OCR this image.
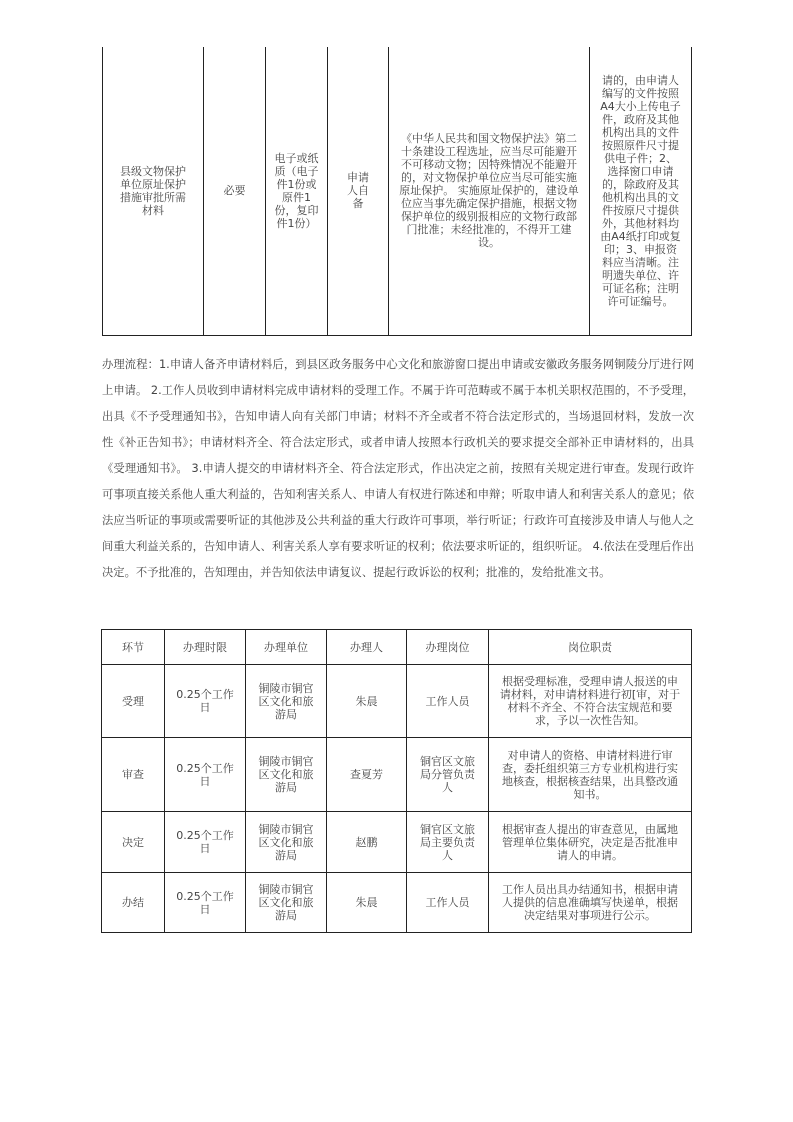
县级文物保护单位原址保护措施审批所需材料	必要	电子或纸质（电子件1份或原件1份，复印件1份）	申请人自备	《中华人民共和国文物保护法》第二十条建设工程选址，应当尽可能避开不可移动文物；因特殊情况不能避开的，对文物保护单位应当尽可能实施原址保护。 实施原址保护的，建设单位应当事先确定保护措施，根据文物保护单位的级别报相应的文物行政部门批准；未经批准的，不得开工建设。	请的，由申请人编写的文件按照A4大小上传电子件，政府及其他机构出具的文件按照原件尺寸提供电子件；2、选择窗口申请的，除政府及其他机构出具的文件按原尺寸提供外，其他材料均由A4纸打印或复印；3、申报资料应当清晰。注明遗失单位、许可证名称；注明许可证编号。
办理流程：1.申请人备齐申请材料后，到县区政务服务中心文化和旅游窗口提出申请或安徽政务服务网铜陵分厅进行网上申请。 2.工作人员收到申请材料完成申请材料的受理工作。不属于许可范畴或不属于本机关职权范围的，不予受理，出具《不予受理通知书》，告知申请人向有关部门申请；材料不齐全或者不符合法定形式的，当场退回材料，发放一次性《补正告知书》；申请材料齐全、符合法定形式，或者申请人按照本行政机关的要求提交全部补正申请材料的，出具《受理通知书》。 3.申请人提交的申请材料齐全、符合法定形式，作出决定之前，按照有关规定进行审查。发现行政许可事项直接关系他人重大利益的，告知利害关系人、申请人有权进行陈述和申辩；听取申请人和利害关系人的意见；依法应当听证的事项或需要听证的其他涉及公共利益的重大行政许可事项，举行听证；行政许可直接涉及申请人与他人之间重大利益关系的，告知申请人、利害关系人享有要求听证的权利；依法要求听证的，组织听证。 4.依法在受理后作出决定。不予批准的，告知理由，并告知依法申请复议、提起行政诉讼的权利；批准的，发给批准文书。
环节	办理时限	办理单位	办理人	办理岗位	岗位职责
受理	0.25个工作日	铜陵市铜官区文化和旅游局	朱晨	工作人员	根据受理标准，受理申请人报送的申请材料，对申请材料进行初[审，对于材料不齐全、不符合法宝规范和要求，予以一次性告知。
审查	0.25个工作日	铜陵市铜官区文化和旅游局	查夏芳	铜官区文旅局分管负责人	对申请人的资格、申请材料进行审查，委托组织第三方专业机构进行实地核查，根据核查结果，出具整改通知书。
决定	0.25个工作日	铜陵市铜官区文化和旅游局	赵鹏	铜官区文旅局主要负责人	根据审查人提出的审查意见，由属地管理单位集体研究，决定是否批准申请人的申请。
办结	0.25个工作日	铜陵市铜官区文化和旅游局	朱晨	工作人员	工作人员出具办结通知书，根据申请人提供的信息准确填写快递单，根据决定结果对事项进行公示。
